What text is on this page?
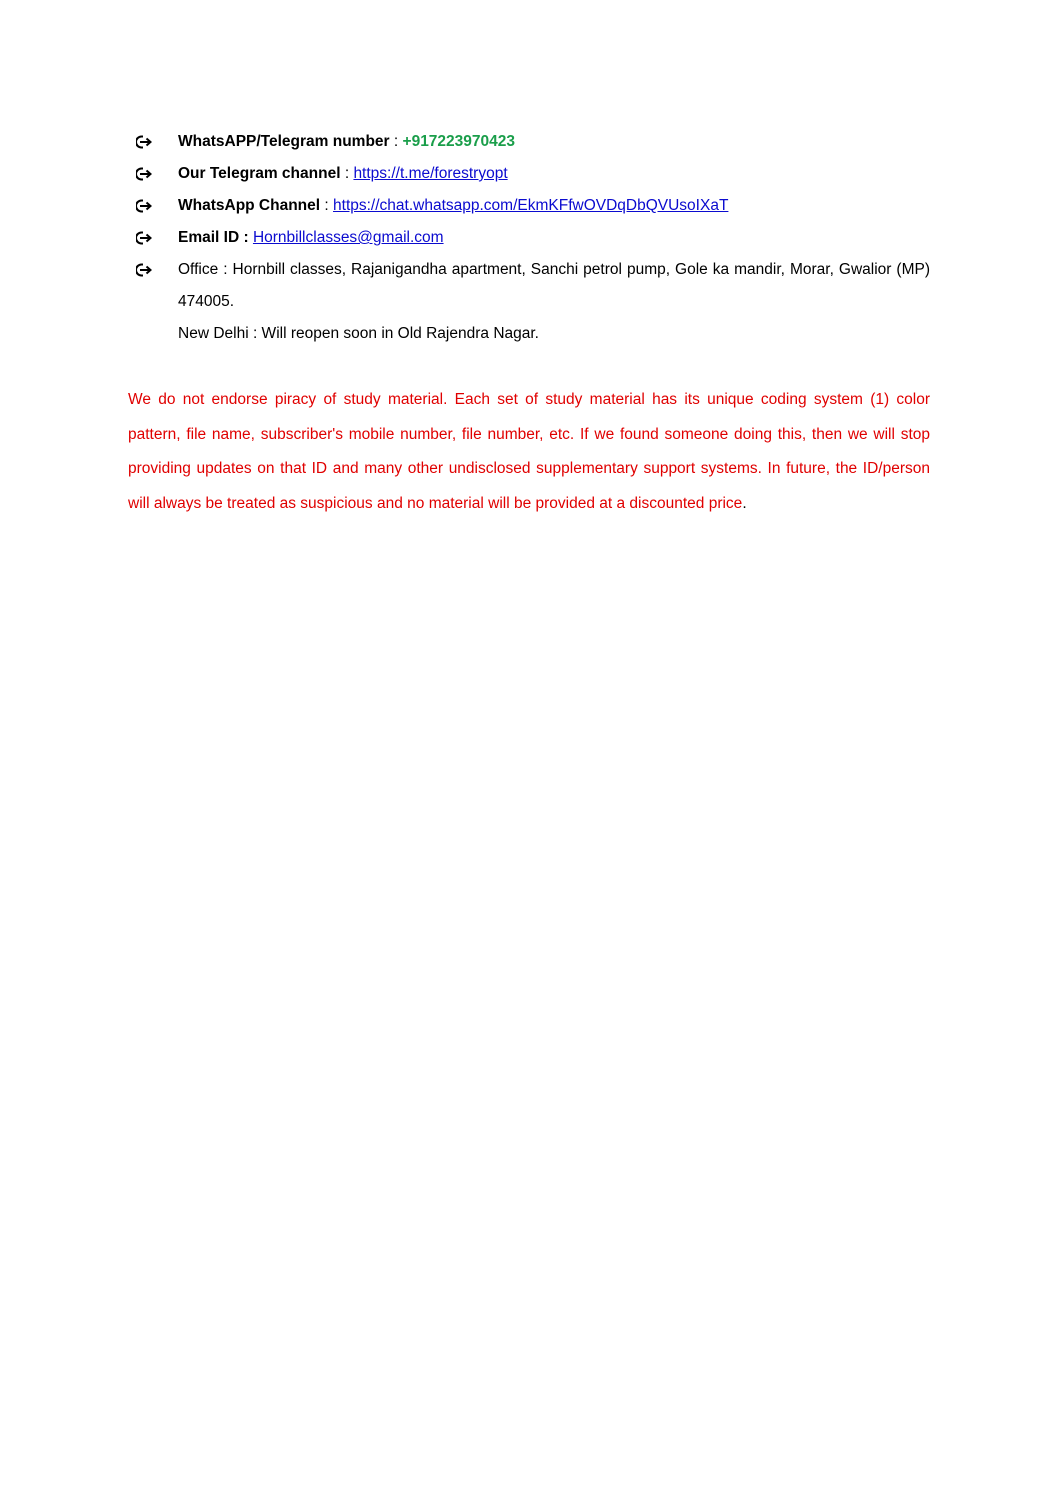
WhatsAPP/Telegram number : +917223970423
Our Telegram channel : https://t.me/forestryopt
WhatsApp Channel : https://chat.whatsapp.com/EkmKFfwOVDqDbQVUsoIXaT
Email ID : Hornbillclasses@gmail.com
Office : Hornbill classes, Rajanigandha apartment, Sanchi petrol pump, Gole ka mandir, Morar, Gwalior (MP) 474005.
New Delhi : Will reopen soon in Old Rajendra Nagar.

We do not endorse piracy of study material. Each set of study material has its unique coding system (1) color pattern, file name, subscriber's mobile number, file number, etc. If we found someone doing this, then we will stop providing updates on that ID and many other undisclosed supplementary support systems. In future, the ID/person will always be treated as suspicious and no material will be provided at a discounted price.
